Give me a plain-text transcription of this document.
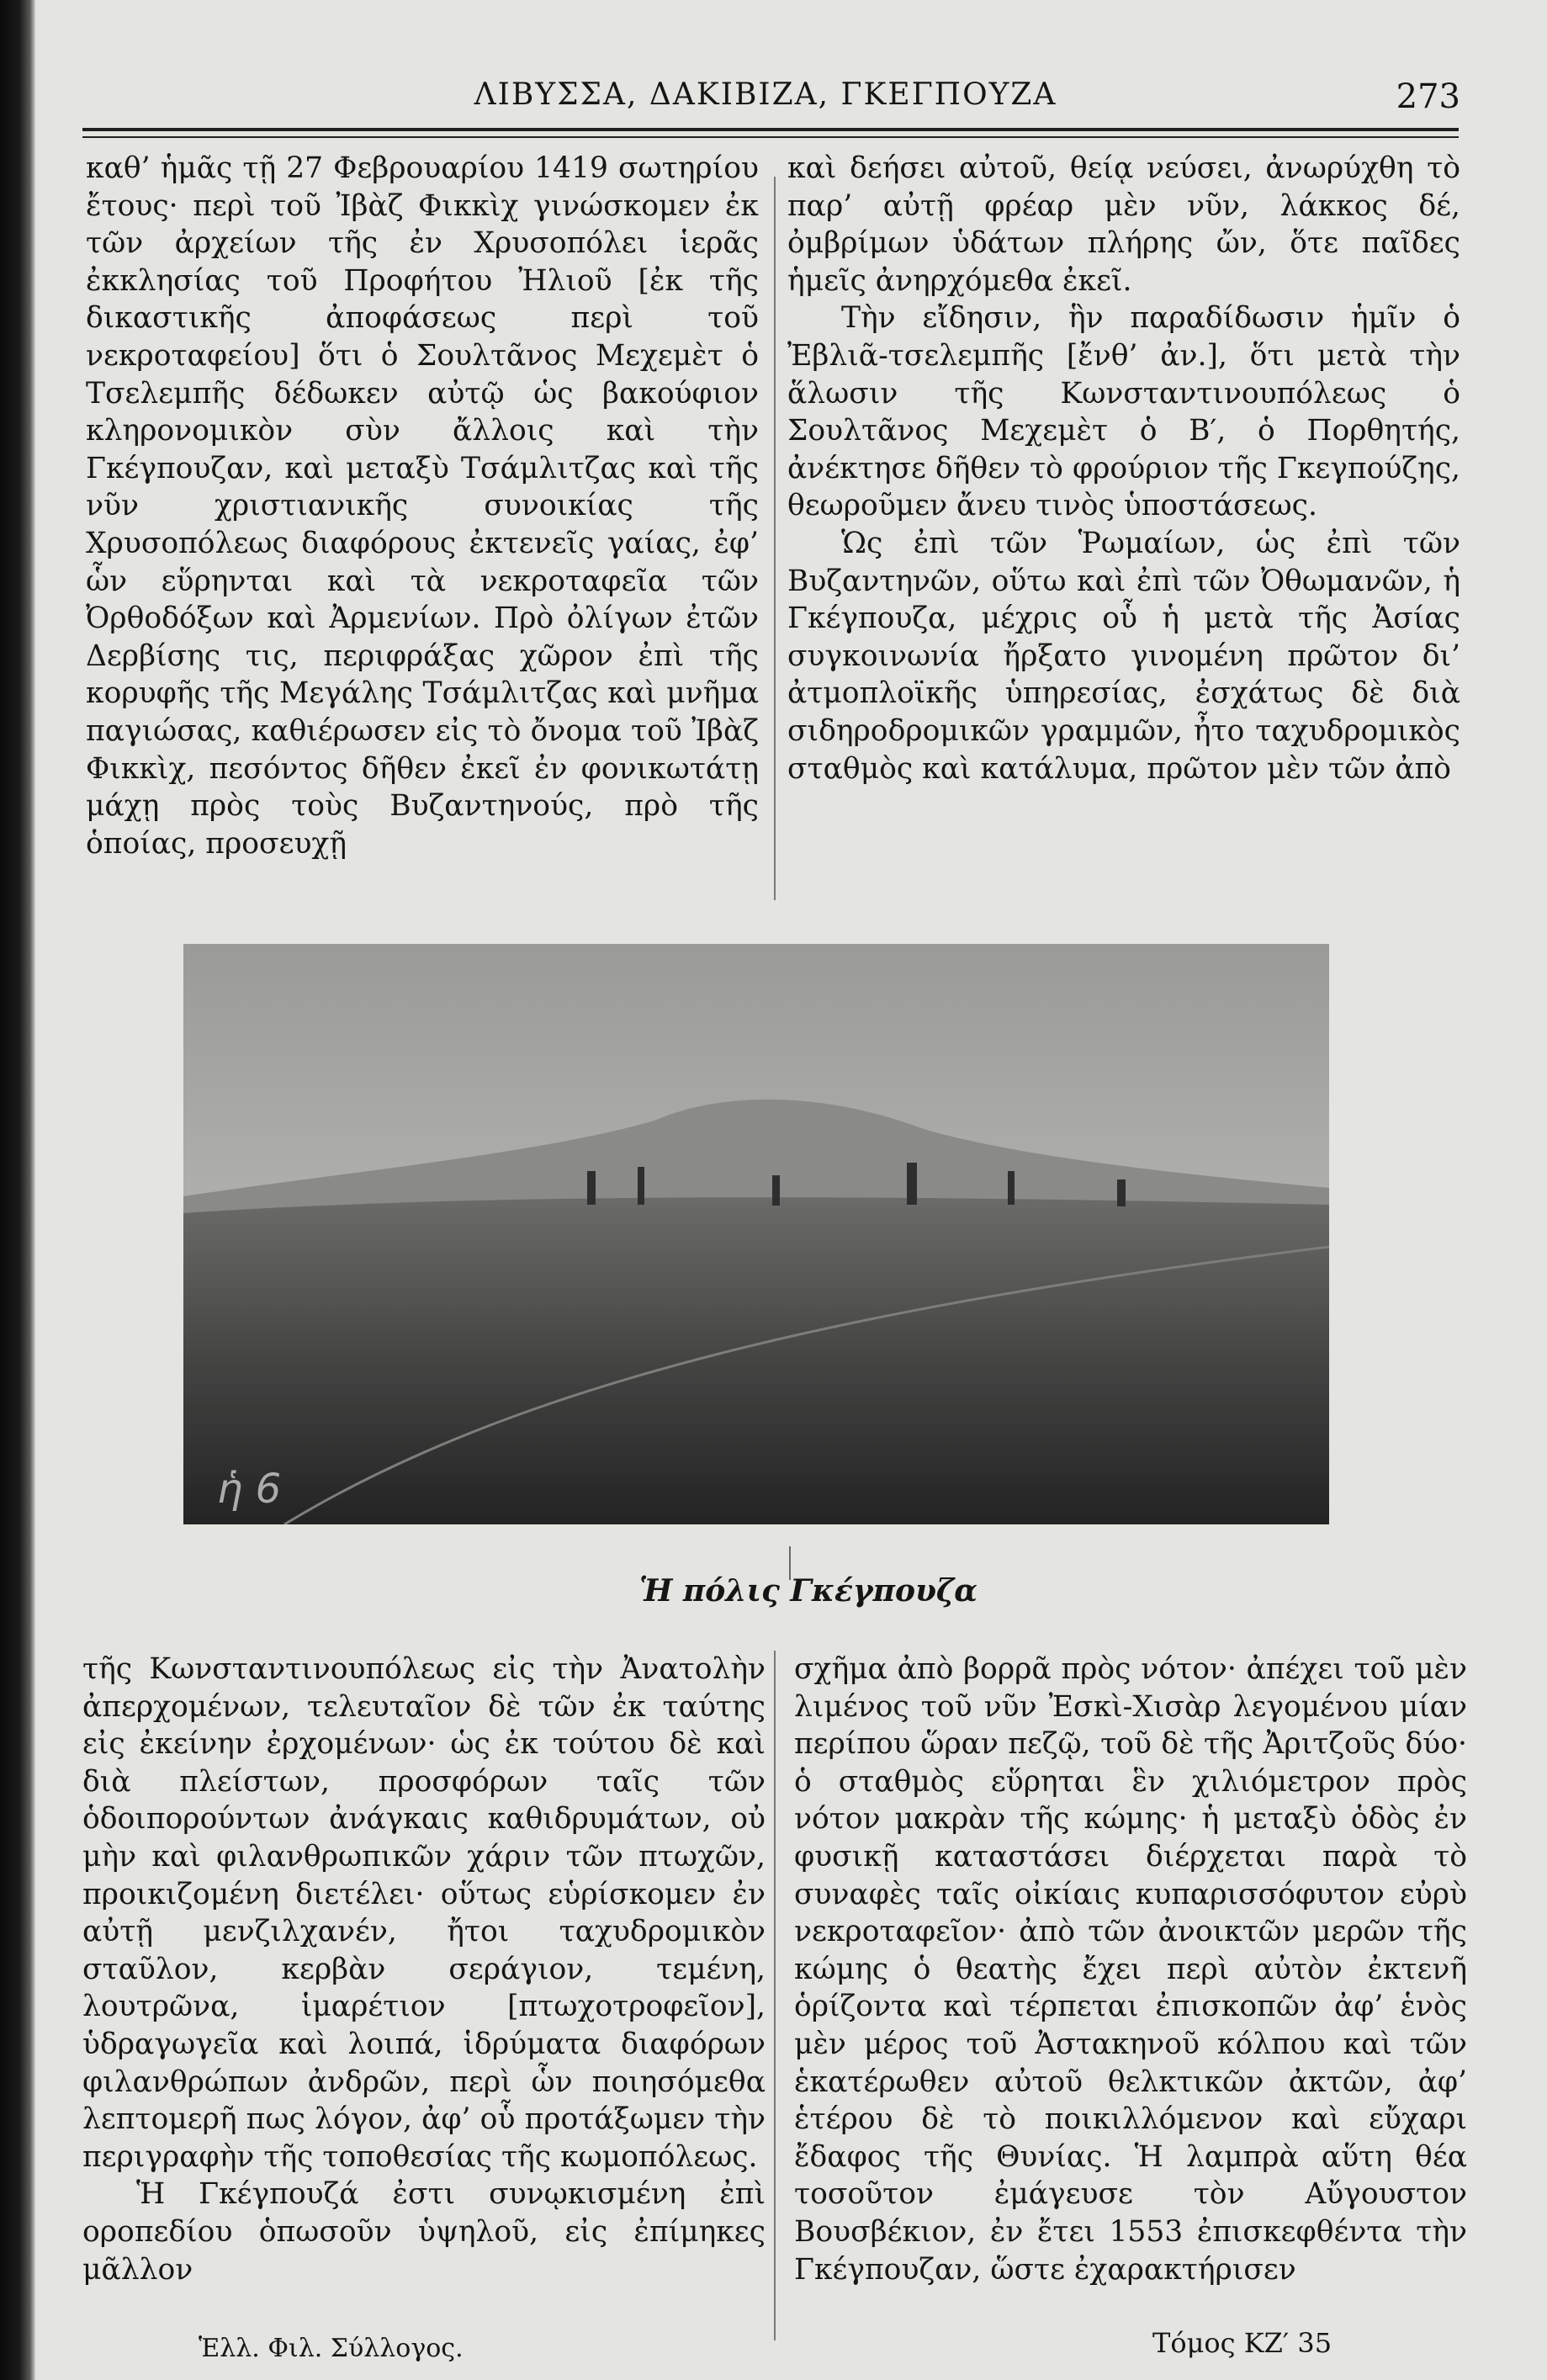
ΛΙΒΥΣΣΑ, ΔΑΚΙΒΙΖΑ, ΓΚΕΓΠΟΥΖΑ	273

καθ’ ἡμᾶς τῇ 27 Φεβρουαρίου 1419 σωτηρίου ἔτους· περὶ τοῦ Ἰβὰζ Φικκὶχ γινώσκομεν ἐκ τῶν ἀρχείων τῆς ἐν Χρυσοπόλει ἱερᾶς ἐκκλησίας τοῦ Προφήτου Ἠλιοῦ [ἐκ τῆς δικαστικῆς ἀποφάσεως περὶ τοῦ νεκροταφείου] ὅτι ὁ Σουλτᾶνος Μεχεμὲτ ὁ Τσελεμπῆς δέδωκεν αὐτῷ ὡς βακούφιον κληρονομικὸν σὺν ἄλλοις καὶ τὴν Γκέγπουζαν, καὶ μεταξὺ Τσάμλιτζας καὶ τῆς νῦν χριστιανικῆς συνοικίας τῆς Χρυσοπόλεως διαφόρους ἐκτενεῖς γαίας, ἐφ’ ὧν εὕρηνται καὶ τὰ νεκροταφεῖα τῶν Ὀρθοδόξων καὶ Ἀρμενίων. Πρὸ ὀλίγων ἐτῶν Δερβίσης τις, περιφράξας χῶρον ἐπὶ τῆς κορυφῆς τῆς Μεγάλης Τσάμλιτζας καὶ μνῆμα παγιώσας, καθιέρωσεν εἰς τὸ ὄνομα τοῦ Ἰβὰζ Φικκὶχ, πεσόντος δῆθεν ἐκεῖ ἐν φονικωτάτῃ μάχῃ πρὸς τοὺς Βυζαντηνούς, πρὸ τῆς ὁποίας, προσευχῇ

καὶ δεήσει αὐτοῦ, θείᾳ νεύσει, ἀνωρύχθη τὸ παρ’ αὐτῇ φρέαρ μὲν νῦν, λάκκος δέ, ὀμβρίμων ὑδάτων πλήρης ὤν, ὅτε παῖδες ἡμεῖς ἀνηρχόμεθα ἐκεῖ.

Τὴν εἴδησιν, ἣν παραδίδωσιν ἡμῖν ὁ Ἐβλιᾶ-τσελεμπῆς [ἔνθ’ ἀν.], ὅτι μετὰ τὴν ἅλωσιν τῆς Κωνσταντινουπόλεως ὁ Σουλτᾶνος Μεχεμὲτ ὁ Β′, ὁ Πορθητής, ἀνέκτησε δῆθεν τὸ φρούριον τῆς Γκεγπούζης, θεωροῦμεν ἄνευ τινὸς ὑποστάσεως.

Ὡς ἐπὶ τῶν Ῥωμαίων, ὡς ἐπὶ τῶν Βυζαντηνῶν, οὕτω καὶ ἐπὶ τῶν Ὀθωμανῶν, ἡ Γκέγπουζα, μέχρις οὗ ἡ μετὰ τῆς Ἀσίας συγκοινωνία ἤρξατο γινομένη πρῶτον δι’ ἀτμοπλοϊκῆς ὑπηρεσίας, ἐσχάτως δὲ διὰ σιδηροδρομικῶν γραμμῶν, ἦτο ταχυδρομικὸς σταθμὸς καὶ κατάλυμα, πρῶτον μὲν τῶν ἀπὸ

ἡ 6
Ἡ πόλις Γκέγπουζα

τῆς Κωνσταντινουπόλεως εἰς τὴν Ἀνατολὴν ἀπερχομένων, τελευταῖον δὲ τῶν ἐκ ταύτης εἰς ἐκείνην ἐρχομένων· ὡς ἐκ τούτου δὲ καὶ διὰ πλείστων, προσφόρων ταῖς τῶν ὁδοιπορούντων ἀνάγκαις καθιδρυμάτων, οὐ μὴν καὶ φιλανθρωπικῶν χάριν τῶν πτωχῶν, προικιζομένη διετέλει· οὕτως εὑρίσκομεν ἐν αὐτῇ μενζιλχανέν, ἤτοι ταχυδρομικὸν σταῦλον, κερβὰν σεράγιον, τεμένη, λουτρῶνα, ἱμαρέτιον [πτωχοτροφεῖον], ὑδραγωγεῖα καὶ λοιπά, ἱδρύματα διαφόρων φιλανθρώπων ἀνδρῶν, περὶ ὧν ποιησόμεθα λεπτομερῆ πως λόγον, ἀφ’ οὗ προτάξωμεν τὴν περιγραφὴν τῆς τοποθεσίας τῆς κωμοπόλεως.

Ἡ Γκέγπουζά ἐστι συνῳκισμένη ἐπὶ οροπεδίου ὁπωσοῦν ὑψηλοῦ, εἰς ἐπίμηκες μᾶλλον

σχῆμα ἀπὸ βορρᾶ πρὸς νότον· ἀπέχει τοῦ μὲν λιμένος τοῦ νῦν Ἐσκὶ-Χισὰρ λεγομένου μίαν περίπου ὥραν πεζῷ, τοῦ δὲ τῆς Ἀριτζοῦς δύο· ὁ σταθμὸς εὕρηται ἓν χιλιόμετρον πρὸς νότον μακρὰν τῆς κώμης· ἡ μεταξὺ ὁδὸς ἐν φυσικῇ καταστάσει διέρχεται παρὰ τὸ συναφὲς ταῖς οἰκίαις κυπαρισσόφυτον εὐρὺ νεκροταφεῖον· ἀπὸ τῶν ἀνοικτῶν μερῶν τῆς κώμης ὁ θεατὴς ἔχει περὶ αὐτὸν ἐκτενῆ ὁρίζοντα καὶ τέρπεται ἐπισκοπῶν ἀφ’ ἑνὸς μὲν μέρος τοῦ Ἀστακηνοῦ κόλπου καὶ τῶν ἑκατέρωθεν αὐτοῦ θελκτικῶν ἀκτῶν, ἀφ’ ἑτέρου δὲ τὸ ποικιλλόμενον καὶ εὔχαρι ἔδαφος τῆς Θυνίας. Ἡ λαμπρὰ αὕτη θέα τοσοῦτον ἐμάγευσε τὸν Αὔγουστον Βουσβέκιον, ἐν ἔτει 1553 ἐπισκεφθέντα τὴν Γκέγπουζαν, ὥστε ἐχαρακτήρισεν

Ἑλλ. Φιλ. Σύλλογος.	Τόμος ΚΖ′ 35
